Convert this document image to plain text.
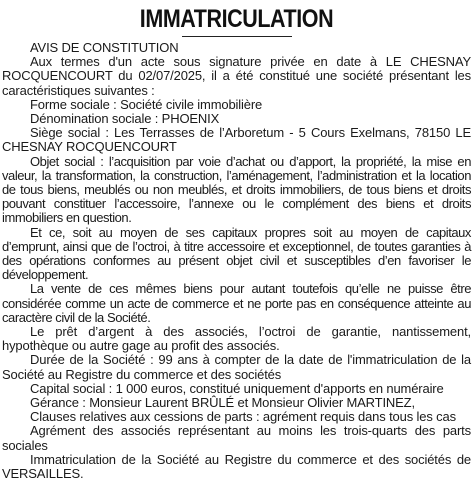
IMMATRICULATION

AVIS DE CONSTITUTION

Aux termes d'un acte sous signature privée en date à LE CHESNAY ROCQUENCOURT du 02/07/2025, il a été constitué une société présentant les caractéristiques suivantes :

Forme sociale : Société civile immobilière

Dénomination sociale : PHOENIX

Siège social : Les Terrasses de l’Arboretum - 5 Cours Exelmans, 78150 LE CHESNAY ROCQUENCOURT

Objet social : l’acquisition par voie d’achat ou d’apport, la propriété, la mise en valeur, la transformation, la construction, l’aménagement, l’administration et la location de tous biens, meublés ou non meublés, et droits immobiliers, de tous biens et droits pouvant constituer l’accessoire, l’annexe ou le complément des biens et droits immobiliers en question.

Et ce, soit au moyen de ses capitaux propres soit au moyen de capitaux d’emprunt, ainsi que de l’octroi, à titre accessoire et exceptionnel, de toutes garanties à des opérations conformes au présent objet civil et susceptibles d’en favoriser le développement.

La vente de ces mêmes biens pour autant toutefois qu’elle ne puisse être considérée comme un acte de commerce et ne porte pas en conséquence atteinte au caractère civil de la Société.

Le prêt d’argent à des associés, l’octroi de garantie, nantissement, hypothèque ou autre gage au profit des associés.

Durée de la Société : 99 ans à compter de la date de l'immatriculation de la Société au Registre du commerce et des sociétés

Capital social : 1 000 euros, constitué uniquement d'apports en numéraire

Gérance : Monsieur Laurent BRÛLÉ et Monsieur Olivier MARTINEZ,

Clauses relatives aux cessions de parts : agrément requis dans tous les cas

Agrément des associés représentant au moins les trois-quarts des parts sociales

Immatriculation de la Société au Registre du commerce et des sociétés de VERSAILLES.
